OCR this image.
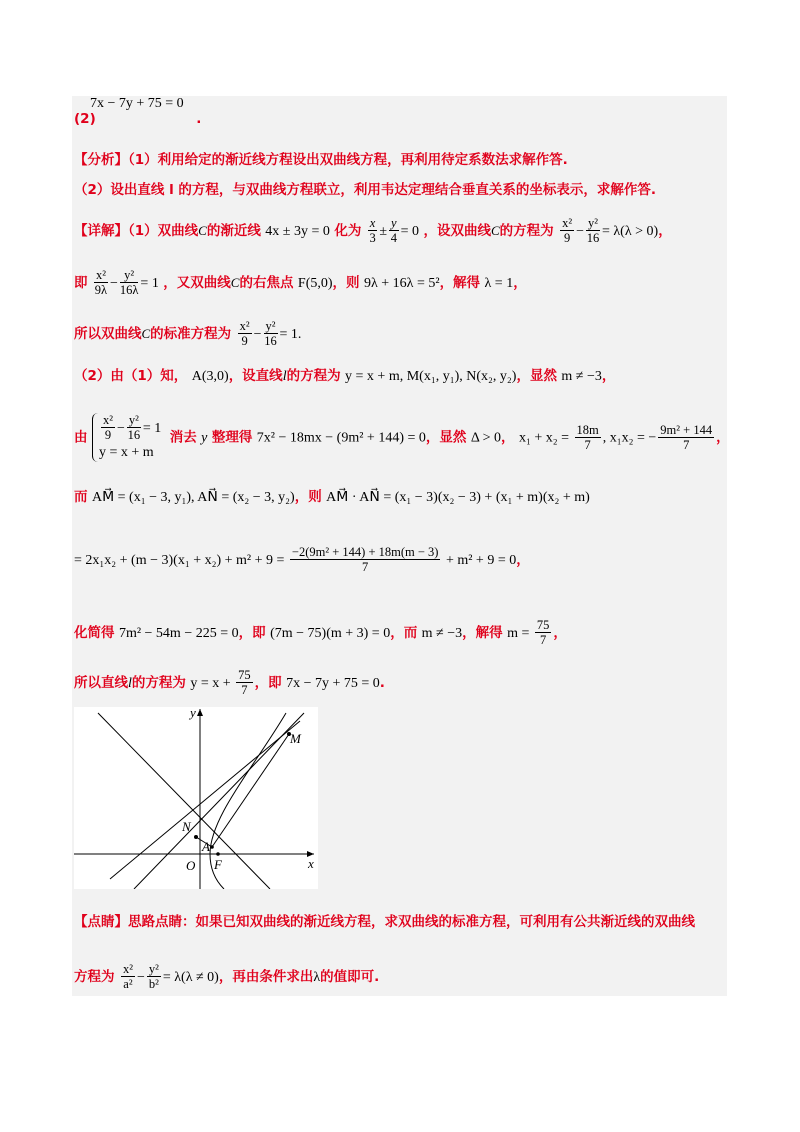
7x − 7y + 75 = 0
(2)	.
【分析】（1）利用给定的渐近线方程设出双曲线方程，再利用待定系数法求解作答.
（2）设出直线 l 的方程，与双曲线方程联立，利用韦达定理结合垂直关系的坐标表示，求解作答.
【详解】（1）双曲线C的渐近线 4x ± 3y = 0 化为 $\frac{x}{3} \pm \frac{y}{4} = 0$ ，设双曲线C的方程为 $\frac{\text{x²}}{9} - \frac{\text{y²}}{16} = \lambda(\lambda > 0)$，
即 $\frac{\text{x²}}{9\lambda} - \frac{\text{y²}}{16\lambda} = 1$ ，又双曲线C的右焦点 F(5,0)，则 9λ + 16λ = 5²，解得 λ = 1，
所以双曲线C的标准方程为 $\frac{\text{x²}}{9} - \frac{\text{y²}}{16} = 1$.
（2）由（1）知， A(3,0)，设直线l的方程为 y = x + m, M(x₁, y₁), N(x₂, y₂)，显然 m ≠ −3，
由 $\frac{\text{x²}}{9} - \frac{\text{y²}}{16} = 1$
y = x + m
消去 y 整理得 7x² − 18mx − (9m² + 144) = 0，显然 Δ > 0， $x_1 + x_2 = \frac{18m}{7}$ , x₁x₂ = − $\frac{\text{9m² + 144}}{7}$ ，
而 AM⃗ = (x₁ − 3, y₁), AN⃗ = (x₂ − 3, y₂)，则 AM⃗ · AN⃗ = (x₁ − 3)(x₂ − 3) + (x₁ + m)(x₂ + m)
= $2x_1x_2 + (m - 3)(x_1 + x_2) + m^2 + 9 = \frac{\text{−2(9m² + 144) + 18m(m − 3)}}{7} + m^2 + 9 = 0$，
化简得 7m² − 54m − 225 = 0，即 (7m − 75)(m + 3) = 0，而 m ≠ −3，解得 $m = \frac{75}{7}$ ，
所以直线l的方程为 $y = x + \frac{75}{7}$ ，即 7x − 7y + 75 = 0.
y
x
M
N
A
O F
【点睛】思路点睛：如果已知双曲线的渐近线方程，求双曲线的标准方程，可利用有公共渐近线的双曲线
方程为 $\frac{\text{x²}}{\text{a²}} - \frac{\text{y²}}{\text{b²}} = \lambda(\lambda \ne 0)$，再由条件求出λ的值即可.
